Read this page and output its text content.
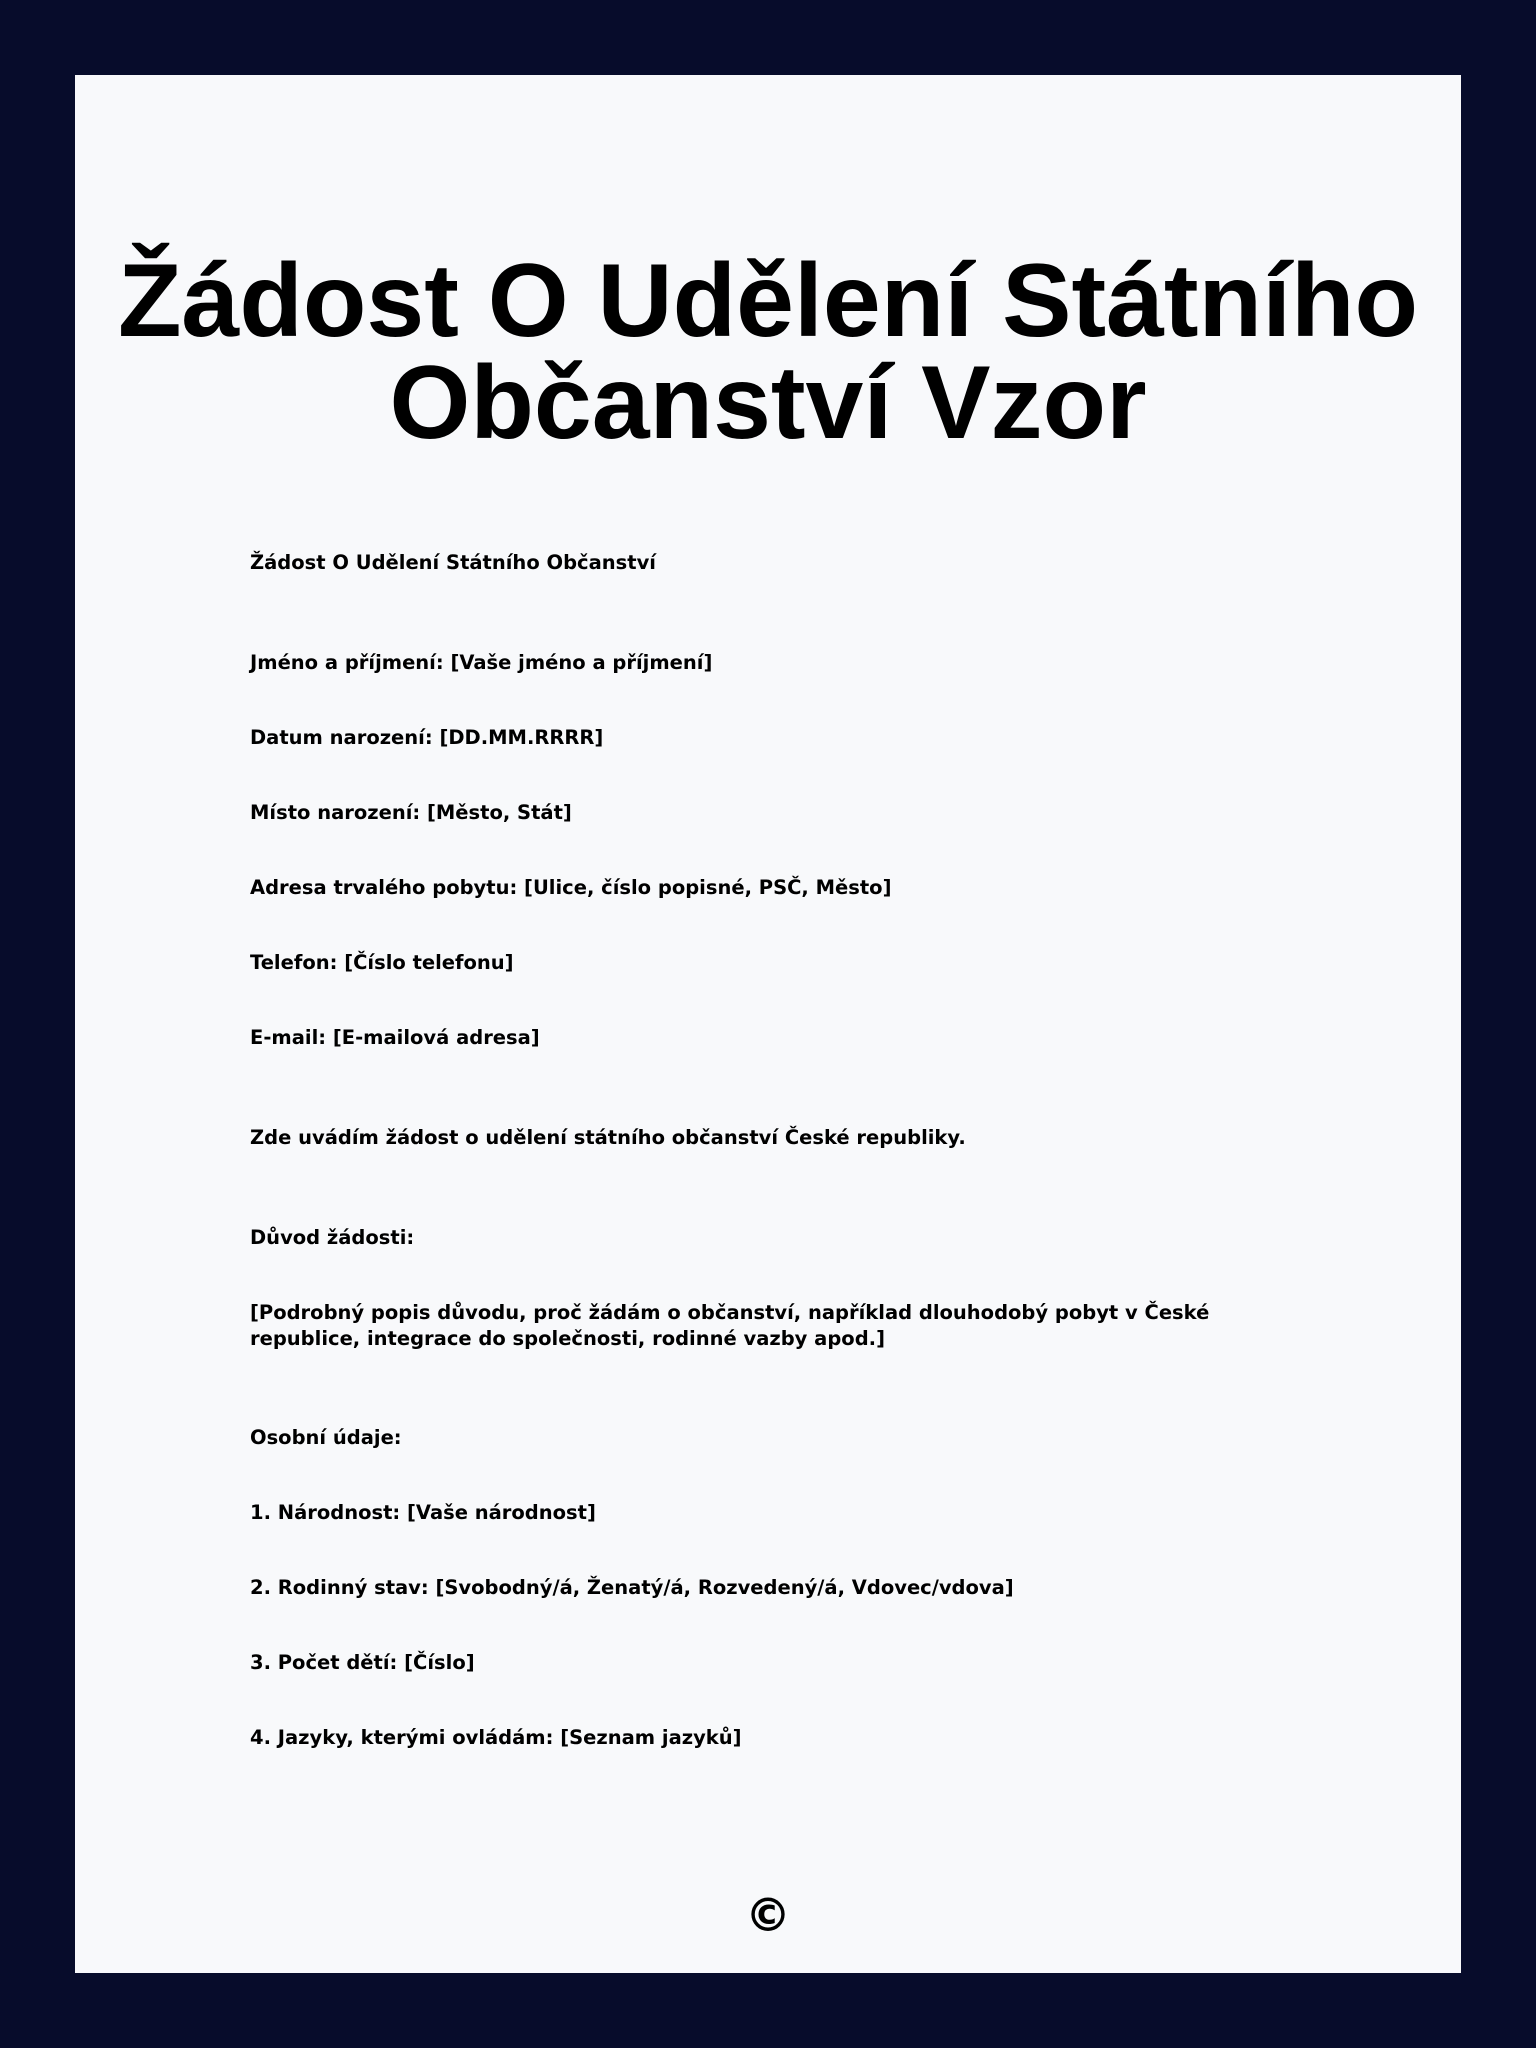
Žádost O Udělení Státního Občanství Vzor
Žádost O Udělení Státního Občanství
Jméno a příjmení: [Vaše jméno a příjmení]
Datum narození: [DD.MM.RRRR]
Místo narození: [Město, Stát]
Adresa trvalého pobytu: [Ulice, číslo popisné, PSČ, Město]
Telefon: [Číslo telefonu]
E-mail: [E-mailová adresa]
Zde uvádím žádost o udělení státního občanství České republiky.
Důvod žádosti:
[Podrobný popis důvodu, proč žádám o občanství, například dlouhodobý pobyt v České republice, integrace do společnosti, rodinné vazby apod.]
Osobní údaje:
1. Národnost: [Vaše národnost]
2. Rodinný stav: [Svobodný/á, Ženatý/á, Rozvedený/á, Vdovec/vdova]
3. Počet dětí: [Číslo]
4. Jazyky, kterými ovládám: [Seznam jazyků]
©
